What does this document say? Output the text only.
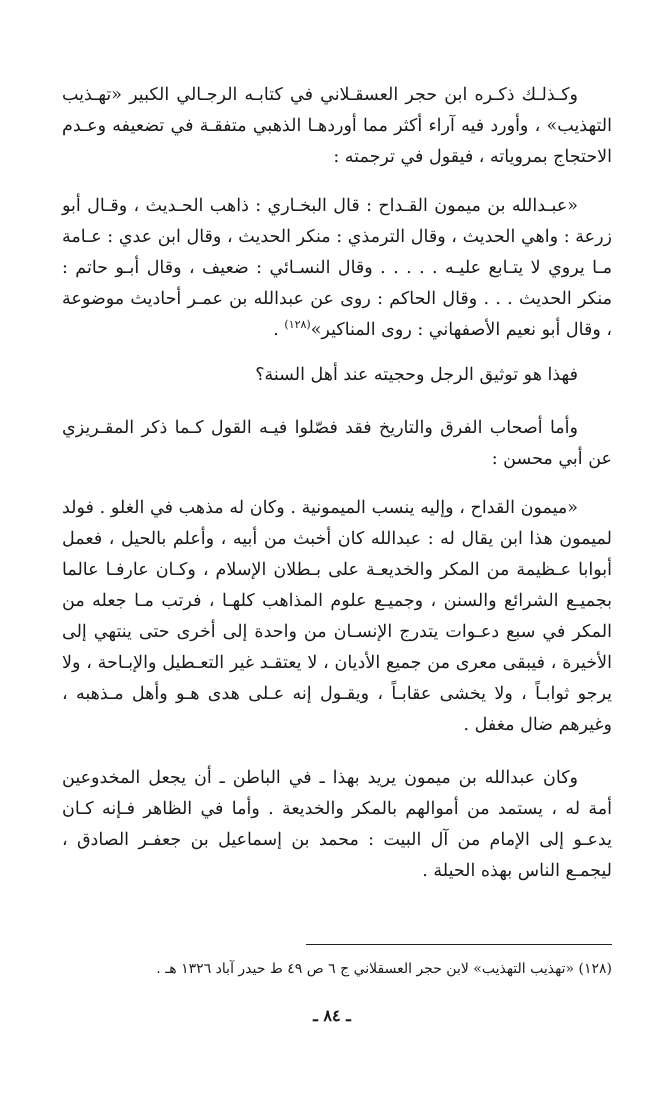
وكـذلـك ذكـره ابن حجر العسقـلاني في كتابـه الرجـالي الكبير «تهـذيب التهذيب» ، وأورد فيه آراء أكثر مما أوردهـا الذهبي متفقـة في تضعيفه وعـدم الاحتجاج بمروياته ، فيقول في ترجمته :

«عبـدالله بن ميمون القـداح : قال البخـاري : ذاهب الحـديث ، وقـال أبو زرعة : واهي الحديث ، وقال الترمذي : منكر الحديث ، وقال ابن عدي : عـامة مـا يروي لا يتـابع عليـه . . . . . وقال النسـائي : ضعيف ، وقال أبـو حاتم : منكر الحديث . . . وقال الحاكم : روى عن عبدالله بن عمـر أحاديث موضوعة ، وقال أبو نعيم الأصفهاني : روى المناكير»$^{(١٢٨)}$ .

فهذا هو توثيق الرجل وحجيته عند أهل السنة؟

وأما أصحاب الفرق والتاريخ فقد فصّلوا فيـه القول كـما ذكر المقـريزي عن أبي محسن :

«ميمون القداح ، وإليه ينسب الميمونية . وكان له مذهب في الغلو . فولد لميمون هذا ابن يقال له : عبدالله كان أخبث من أبيه ، وأعلم بالحيل ، فعمل أبوابا عـظيمة من المكر والخديعـة على بـطلان الإسلام ، وكـان عارفـا عالما بجميـع الشرائع والسنن ، وجميـع علوم المذاهب كلهـا ، فرتب مـا جعله من المكر في سبع دعـوات يتدرج الإنسـان من واحدة إلى أخرى حتى ينتهي إلى الأخيرة ، فيبقى معرى من جميع الأديان ، لا يعتقـد غير التعـطيل والإبـاحة ، ولا يرجو ثوابـاً ، ولا يخشى عقابـاً ، ويقـول إنه عـلى هدى هـو وأهل مـذهبه ، وغيرهم ضال مغفل .

وكان عبدالله بن ميمون يريد بهذا ـ في الباطن ـ أن يجعل المخدوعين أمة له ، يستمد من أموالهم بالمكر والخديعة . وأما في الظاهر فـإنه كـان يدعـو إلى الإمام من آل البيت : محمد بن إسماعيل بن جعفـر الصادق ، ليجمـع الناس بهذه الحيلة .

(١٢٨) «تهذيب التهذيب» لابن حجر العسقلاني ج ٦ ص ٤٩ ط حيدر آباد ١٣٢٦ هـ .

ـ ٨٤ ـ
